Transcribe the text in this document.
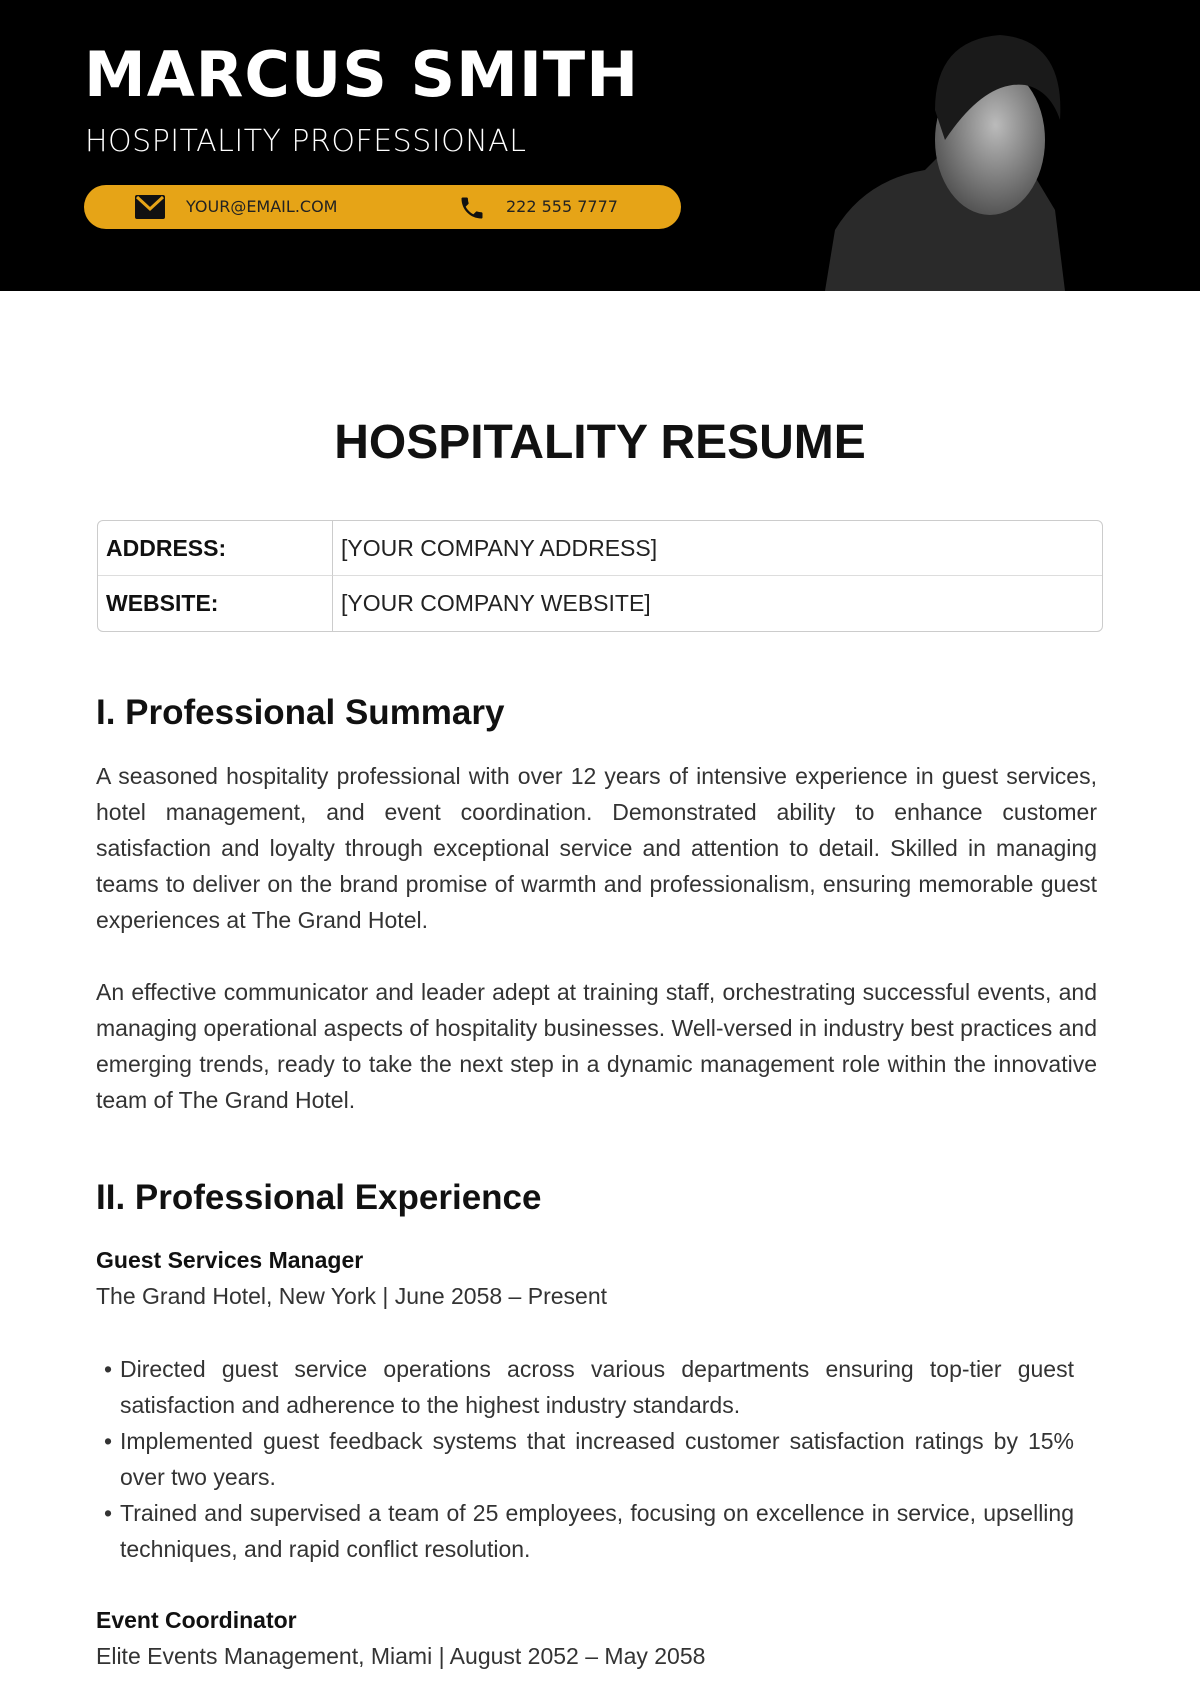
MARCUS SMITH
HOSPITALITY PROFESSIONAL
YOUR@EMAIL.COM	222 555 7777
HOSPITALITY RESUME
ADDRESS:	[YOUR COMPANY ADDRESS]
WEBSITE:	[YOUR COMPANY WEBSITE]
I. Professional Summary
A seasoned hospitality professional with over 12 years of intensive experience in guest services, hotel management, and event coordination. Demonstrated ability to enhance customer satisfaction and loyalty through exceptional service and attention to detail. Skilled in managing teams to deliver on the brand promise of warmth and professionalism, ensuring memorable guest experiences at The Grand Hotel.
An effective communicator and leader adept at training staff, orchestrating successful events, and managing operational aspects of hospitality businesses. Well-versed in industry best practices and emerging trends, ready to take the next step in a dynamic management role within the innovative team of The Grand Hotel.
II. Professional Experience
Guest Services Manager
The Grand Hotel, New York | June 2058 – Present
• Directed guest service operations across various departments ensuring top-tier guest satisfaction and adherence to the highest industry standards.
• Implemented guest feedback systems that increased customer satisfaction ratings by 15% over two years.
• Trained and supervised a team of 25 employees, focusing on excellence in service, upselling techniques, and rapid conflict resolution.
Event Coordinator
Elite Events Management, Miami | August 2052 – May 2058
